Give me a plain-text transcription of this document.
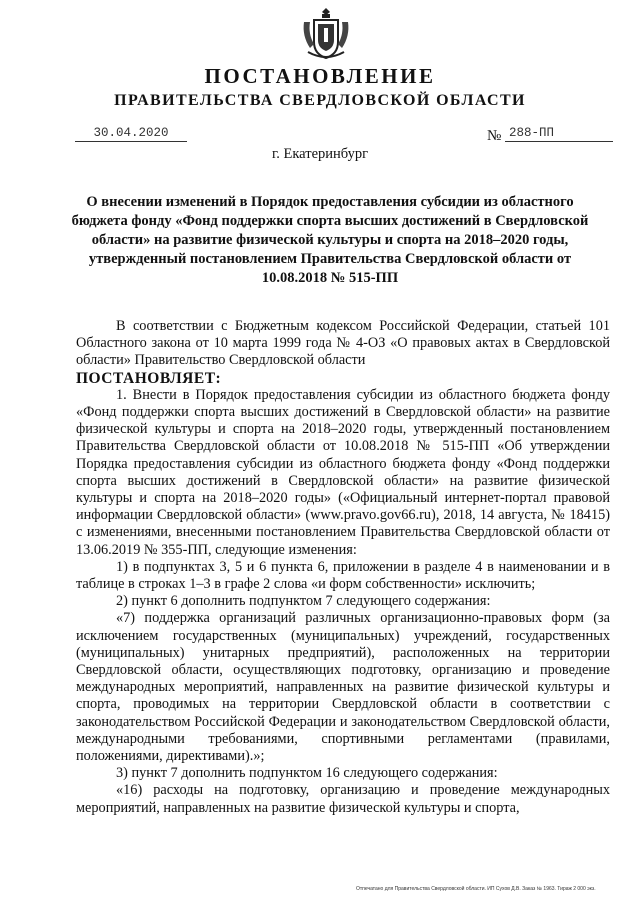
ПОСТАНОВЛЕНИЕ
ПРАВИТЕЛЬСТВА СВЕРДЛОВСКОЙ ОБЛАСТИ
30.04.2020	№ 288-ПП
г. Екатеринбург
О внесении изменений в Порядок предоставления субсидии из областного бюджета фонду «Фонд поддержки спорта высших достижений в Свердловской области» на развитие физической культуры и спорта на 2018–2020 годы, утвержденный постановлением Правительства Свердловской области от 10.08.2018 № 515-ПП

В соответствии с Бюджетным кодексом Российской Федерации, статьей 101 Областного закона от 10 марта 1999 года № 4-ОЗ «О правовых актах в Свердловской области» Правительство Свердловской области

ПОСТАНОВЛЯЕТ:

1. Внести в Порядок предоставления субсидии из областного бюджета фонду «Фонд поддержки спорта высших достижений в Свердловской области» на развитие физической культуры и спорта на 2018–2020 годы, утвержденный постановлением Правительства Свердловской области от 10.08.2018 № 515-ПП «Об утверждении Порядка предоставления субсидии из областного бюджета фонду «Фонд поддержки спорта высших достижений в Свердловской области» на развитие физической культуры и спорта на 2018–2020 годы» («Официальный интернет-портал правовой информации Свердловской области» (www.pravo.gov66.ru), 2018, 14 августа, № 18415) с изменениями, внесенными постановлением Правительства Свердловской области от 13.06.2019 № 355-ПП, следующие изменения:

1) в подпунктах 3, 5 и 6 пункта 6, приложении в разделе 4 в наименовании и в таблице в строках 1–3 в графе 2 слова «и форм собственности» исключить;

2) пункт 6 дополнить подпунктом 7 следующего содержания:

«7) поддержка организаций различных организационно-правовых форм (за исключением государственных (муниципальных) учреждений, государственных (муниципальных) унитарных предприятий), расположенных на территории Свердловской области, осуществляющих подготовку, организацию и проведение международных мероприятий, направленных на развитие физической культуры и спорта, проводимых на территории Свердловской области в соответствии с законодательством Российской Федерации и законодательством Свердловской области, международными требованиями, спортивными регламентами (правилами, положениями, директивами).»;

3) пункт 7 дополнить подпунктом 16 следующего содержания:

«16) расходы на подготовку, организацию и проведение международных мероприятий, направленных на развитие физической культуры и спорта,

Отпечатано для Правительства Свердловской области. ИП Сухов Д.В. Заказ № 1963. Тираж 2 000 экз.
